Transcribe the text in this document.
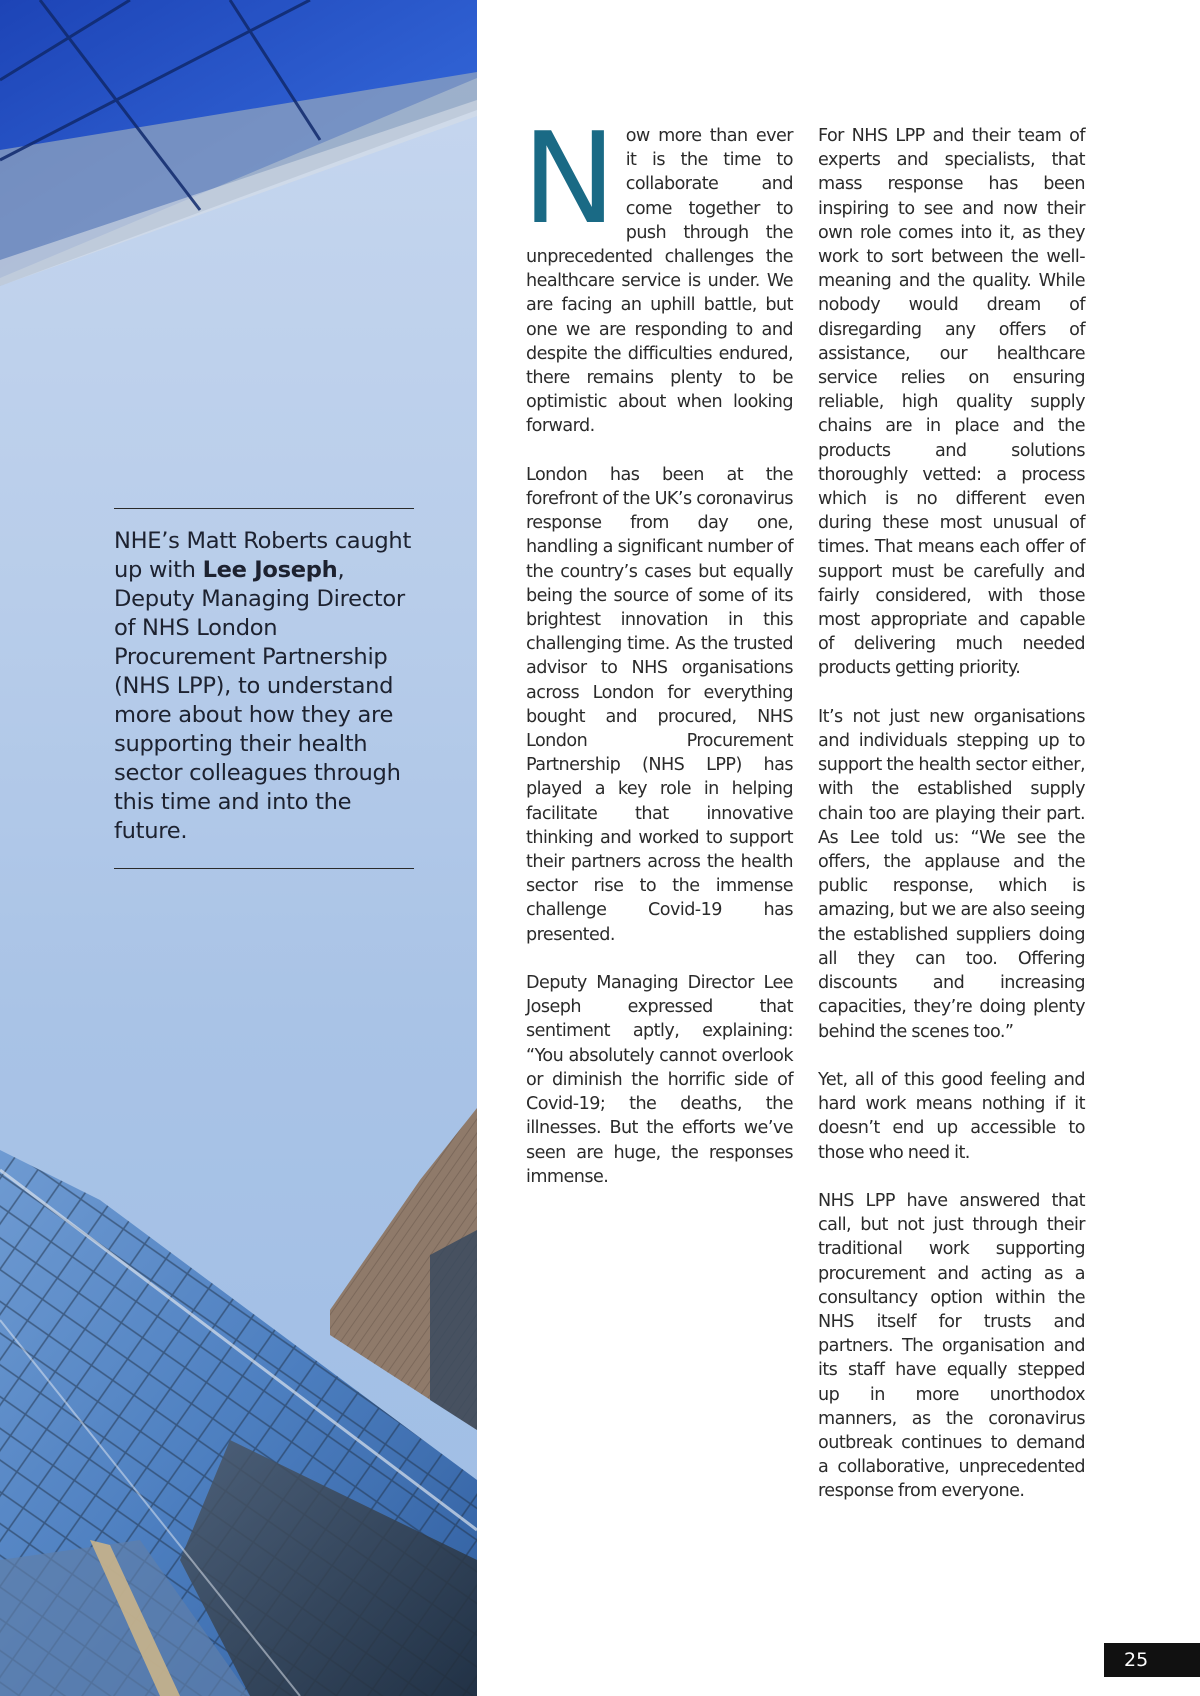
NHE’s Matt Roberts caught up with Lee Joseph, Deputy Managing Director of NHS London Procurement Partnership (NHS LPP), to understand more about how they are supporting their health sector colleagues through this time and into the future.

Now more than ever it is the time to collaborate and come together to push through the unprecedented challenges the healthcare service is under. We are facing an uphill battle, but one we are responding to and despite the difficulties endured, there remains plenty to be optimistic about when looking forward.

London has been at the forefront of the UK’s coronavirus response from day one, handling a significant number of the country’s cases but equally being the source of some of its brightest innovation in this challenging time. As the trusted advisor to NHS organisations across London for everything bought and procured, NHS London Procurement Partnership (NHS LPP) has played a key role in helping facilitate that innovative thinking and worked to support their partners across the health sector rise to the immense challenge Covid-19 has presented.

Deputy Managing Director Lee Joseph expressed that sentiment aptly, explaining: “You absolutely cannot overlook or diminish the horrific side of Covid-19; the deaths, the illnesses. But the efforts we’ve seen are huge, the responses immense.

For NHS LPP and their team of experts and specialists, that mass response has been inspiring to see and now their own role comes into it, as they work to sort between the well-meaning and the quality. While nobody would dream of disregarding any offers of assistance, our healthcare service relies on ensuring reliable, high quality supply chains are in place and the products and solutions thoroughly vetted: a process which is no different even during these most unusual of times. That means each offer of support must be carefully and fairly considered, with those most appropriate and capable of delivering much needed products getting priority.

It’s not just new organisations and individuals stepping up to support the health sector either, with the established supply chain too are playing their part. As Lee told us: “We see the offers, the applause and the public response, which is amazing, but we are also seeing the established suppliers doing all they can too. Offering discounts and increasing capacities, they’re doing plenty behind the scenes too.”

Yet, all of this good feeling and hard work means nothing if it doesn’t end up accessible to those who need it.

NHS LPP have answered that call, but not just through their traditional work supporting procurement and acting as a consultancy option within the NHS itself for trusts and partners. The organisation and its staff have equally stepped up in more unorthodox manners, as the coronavirus outbreak continues to demand a collaborative, unprecedented response from everyone.

25
